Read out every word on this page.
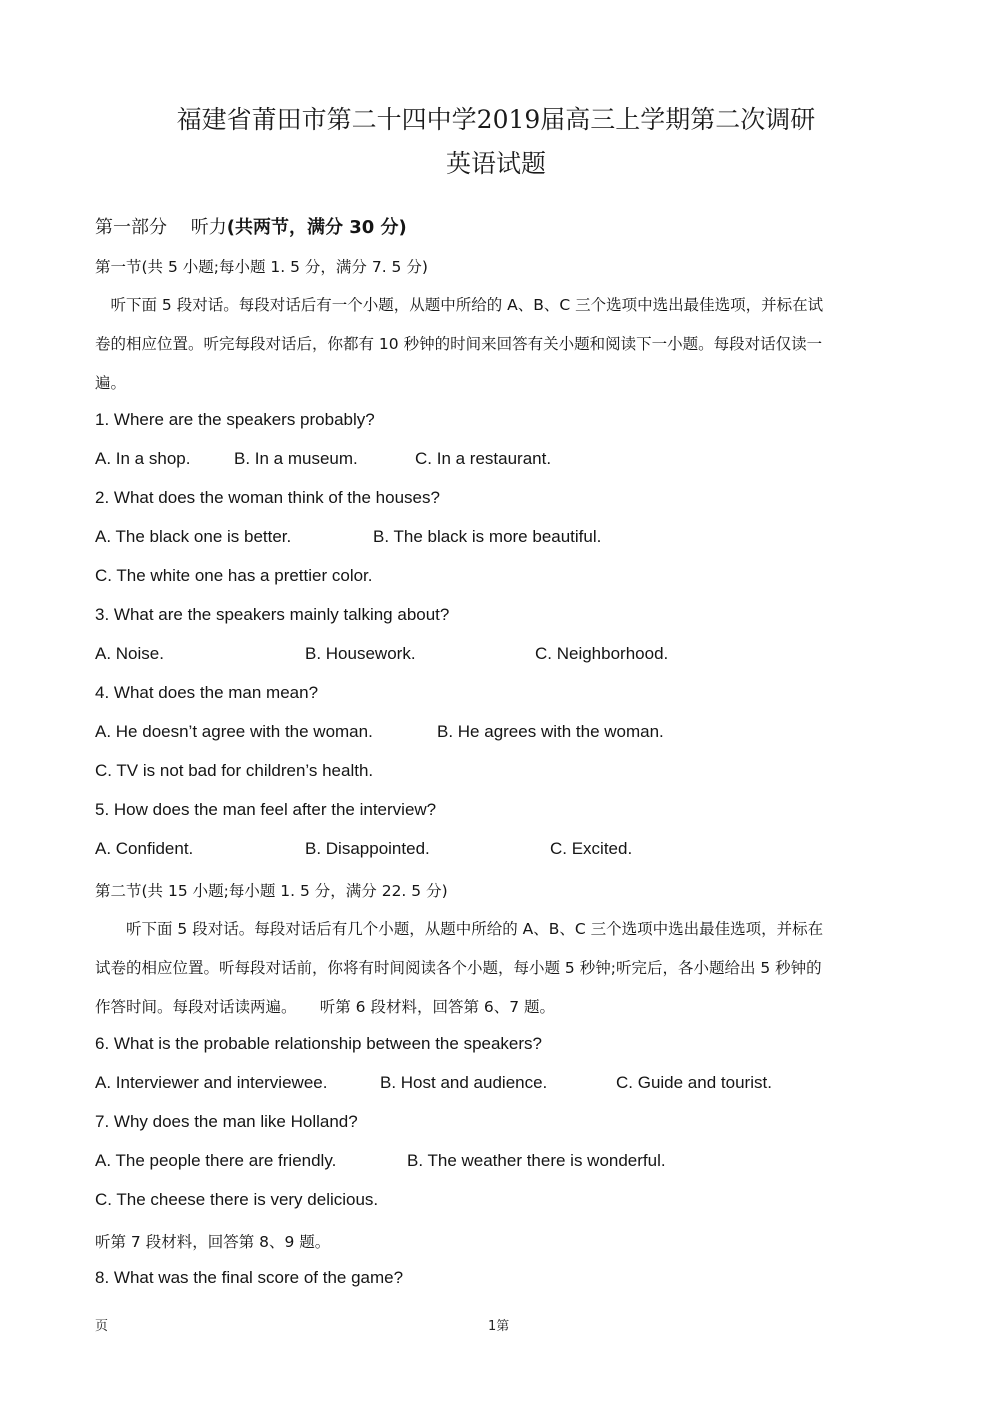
福建省莆田市第二十四中学2019届高三上学期第二次调研
英语试题
第一部分　 听力(共两节，满分 30 分)
第一节(共 5 小题;每小题 1. 5 分，满分 7. 5 分)
　听下面 5 段对话。每段对话后有一个小题，从题中所给的 A、B、C 三个选项中选出最佳选项，并标在试
卷的相应位置。听完每段对话后，你都有 10 秒钟的时间来回答有关小题和阅读下一小题。每段对话仅读一
遍。
1. Where are the speakers probably?
A. In a shop.	B. In a museum.	C. In a restaurant.
2. What does the woman think of the houses?
A. The black one is better.	B. The black is more beautiful.
C. The white one has a prettier color.
3. What are the speakers mainly talking about?
A. Noise.	B. Housework.	C. Neighborhood.
4. What does the man mean?
A. He doesn’t agree with the woman.	B. He agrees with the woman.
C. TV is not bad for children’s health.
5. How does the man feel after the interview?
A. Confident.	B. Disappointed.	C. Excited.
第二节(共 15 小题;每小题 1. 5 分，满分 22. 5 分)
　　听下面 5 段对话。每段对话后有几个小题，从题中所给的 A、B、C 三个选项中选出最佳选项，并标在
试卷的相应位置。听每段对话前，你将有时间阅读各个小题，每小题 5 秒钟;听完后，各小题给出 5 秒钟的
作答时间。每段对话读两遍。　　听第 6 段材料，回答第 6、7 题。
6. What is the probable relationship between the speakers?
A. Interviewer and interviewee.	B. Host and audience.	C. Guide and tourist.
7. Why does the man like Holland?
A. The people there are friendly.	B. The weather there is wonderful.
C. The cheese there is very delicious.
听第 7 段材料，回答第 8、9 题。
8. What was the final score of the game?
页	1第
